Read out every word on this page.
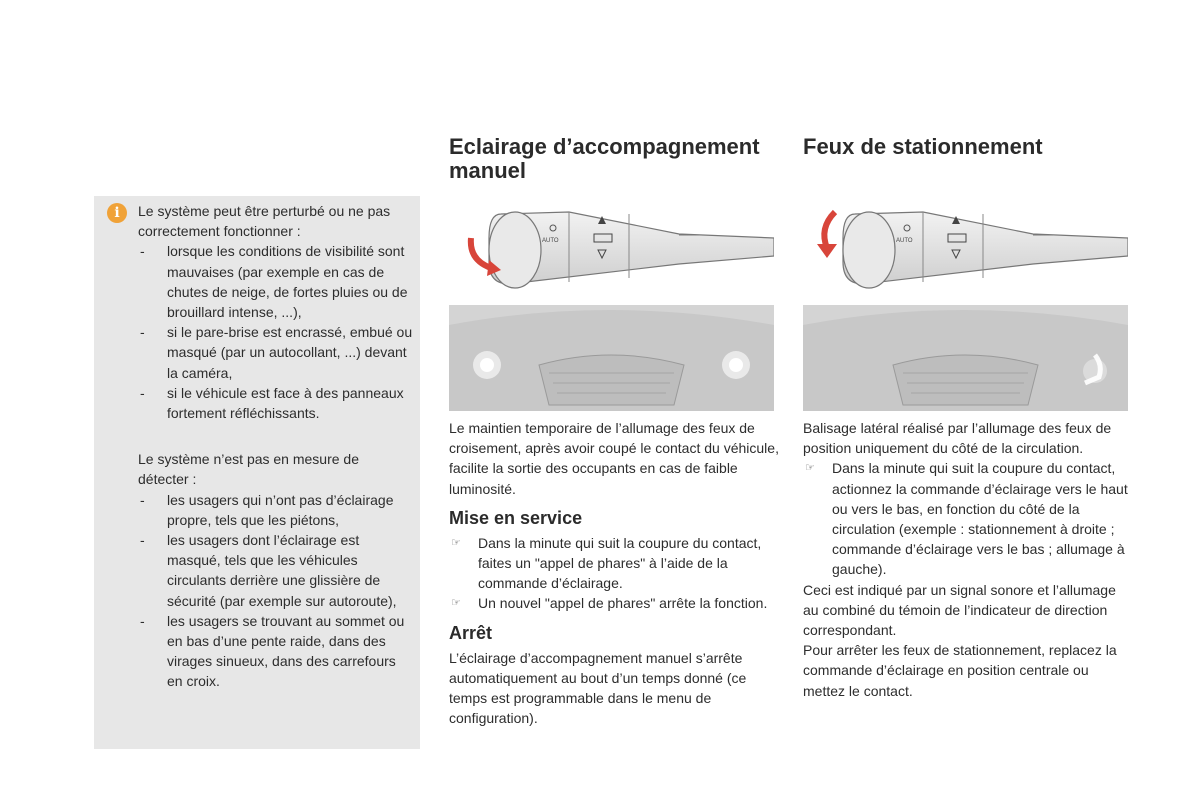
i	Le système peut être perturbé ou ne pas correctement fonctionner :

- lorsque les conditions de visibilité sont mauvaises (par exemple en cas de chutes de neige, de fortes pluies ou de brouillard intense, ...),
- si le pare-brise est encrassé, embué ou masqué (par un autocollant, ...) devant la caméra,
- si le véhicule est face à des panneaux fortement réfléchissants.

Le système n’est pas en mesure de détecter :

- les usagers qui n’ont pas d’éclairage propre, tels que les piétons,
- les usagers dont l’éclairage est masqué, tels que les véhicules circulants derrière une glissière de sécurité (par exemple sur autoroute),
- les usagers se trouvant au sommet ou en bas d’une pente raide, dans des virages sinueux, dans des carrefours en croix.
Eclairage d’accompagnement manuel
AUTO

Le maintien temporaire de l’allumage des feux de croisement, après avoir coupé le contact du véhicule, facilite la sortie des occupants en cas de faible luminosité.

Mise en service
☞ Dans la minute qui suit la coupure du contact, faites un "appel de phares" à l’aide de la commande d’éclairage.
☞ Un nouvel "appel de phares" arrête la fonction.
Arrêt

L’éclairage d’accompagnement manuel s’arrête automatiquement au bout d’un temps donné (ce temps est programmable dans le menu de configuration).

Feux de stationnement
AUTO

Balisage latéral réalisé par l’allumage des feux de position uniquement du côté de la circulation.

☞ Dans la minute qui suit la coupure du contact, actionnez la commande d’éclairage vers le haut ou vers le bas, en fonction du côté de la circulation (exemple : stationnement à droite ; commande d’éclairage vers le bas ; allumage à gauche).

Ceci est indiqué par un signal sonore et l’allumage au combiné du témoin de l’indicateur de direction correspondant.

Pour arrêter les feux de stationnement, replacez la commande d’éclairage en position centrale ou mettez le contact.
